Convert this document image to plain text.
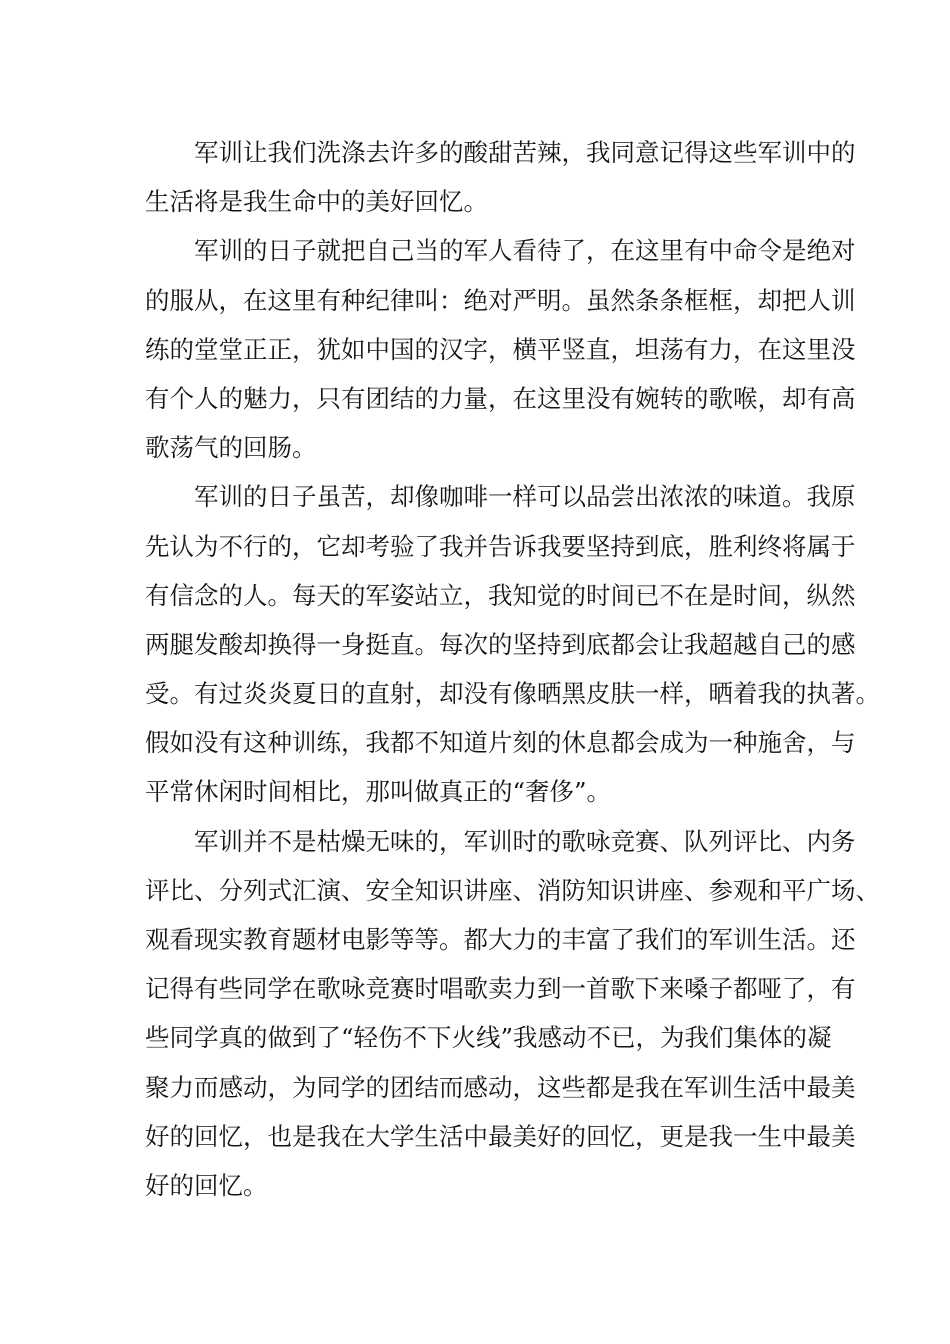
军训让我们洗涤去许多的酸甜苦辣，我同意记得这些军训中的
生活将是我生命中的美好回忆。
军训的日子就把自己当的军人看待了，在这里有中命令是绝对
的服从，在这里有种纪律叫：绝对严明。虽然条条框框，却把人训
练的堂堂正正，犹如中国的汉字，横平竖直，坦荡有力，在这里没
有个人的魅力，只有团结的力量，在这里没有婉转的歌喉，却有高
歌荡气的回肠。
军训的日子虽苦，却像咖啡一样可以品尝出浓浓的味道。我原
先认为不行的，它却考验了我并告诉我要坚持到底，胜利终将属于
有信念的人。每天的军姿站立，我知觉的时间已不在是时间，纵然
两腿发酸却换得一身挺直。每次的坚持到底都会让我超越自己的感
受。有过炎炎夏日的直射，却没有像晒黑皮肤一样，晒着我的执著。
假如没有这种训练，我都不知道片刻的休息都会成为一种施舍，与
平常休闲时间相比，那叫做真正的“奢侈”。
军训并不是枯燥无味的，军训时的歌咏竞赛、队列评比、内务
评比、分列式汇演、安全知识讲座、消防知识讲座、参观和平广场、
观看现实教育题材电影等等。都大力的丰富了我们的军训生活。还
记得有些同学在歌咏竞赛时唱歌卖力到一首歌下来嗓子都哑了，有
些同学真的做到了“轻伤不下火线”我感动不已，为我们集体的凝
聚力而感动，为同学的团结而感动，这些都是我在军训生活中最美
好的回忆，也是我在大学生活中最美好的回忆，更是我一生中最美
好的回忆。
